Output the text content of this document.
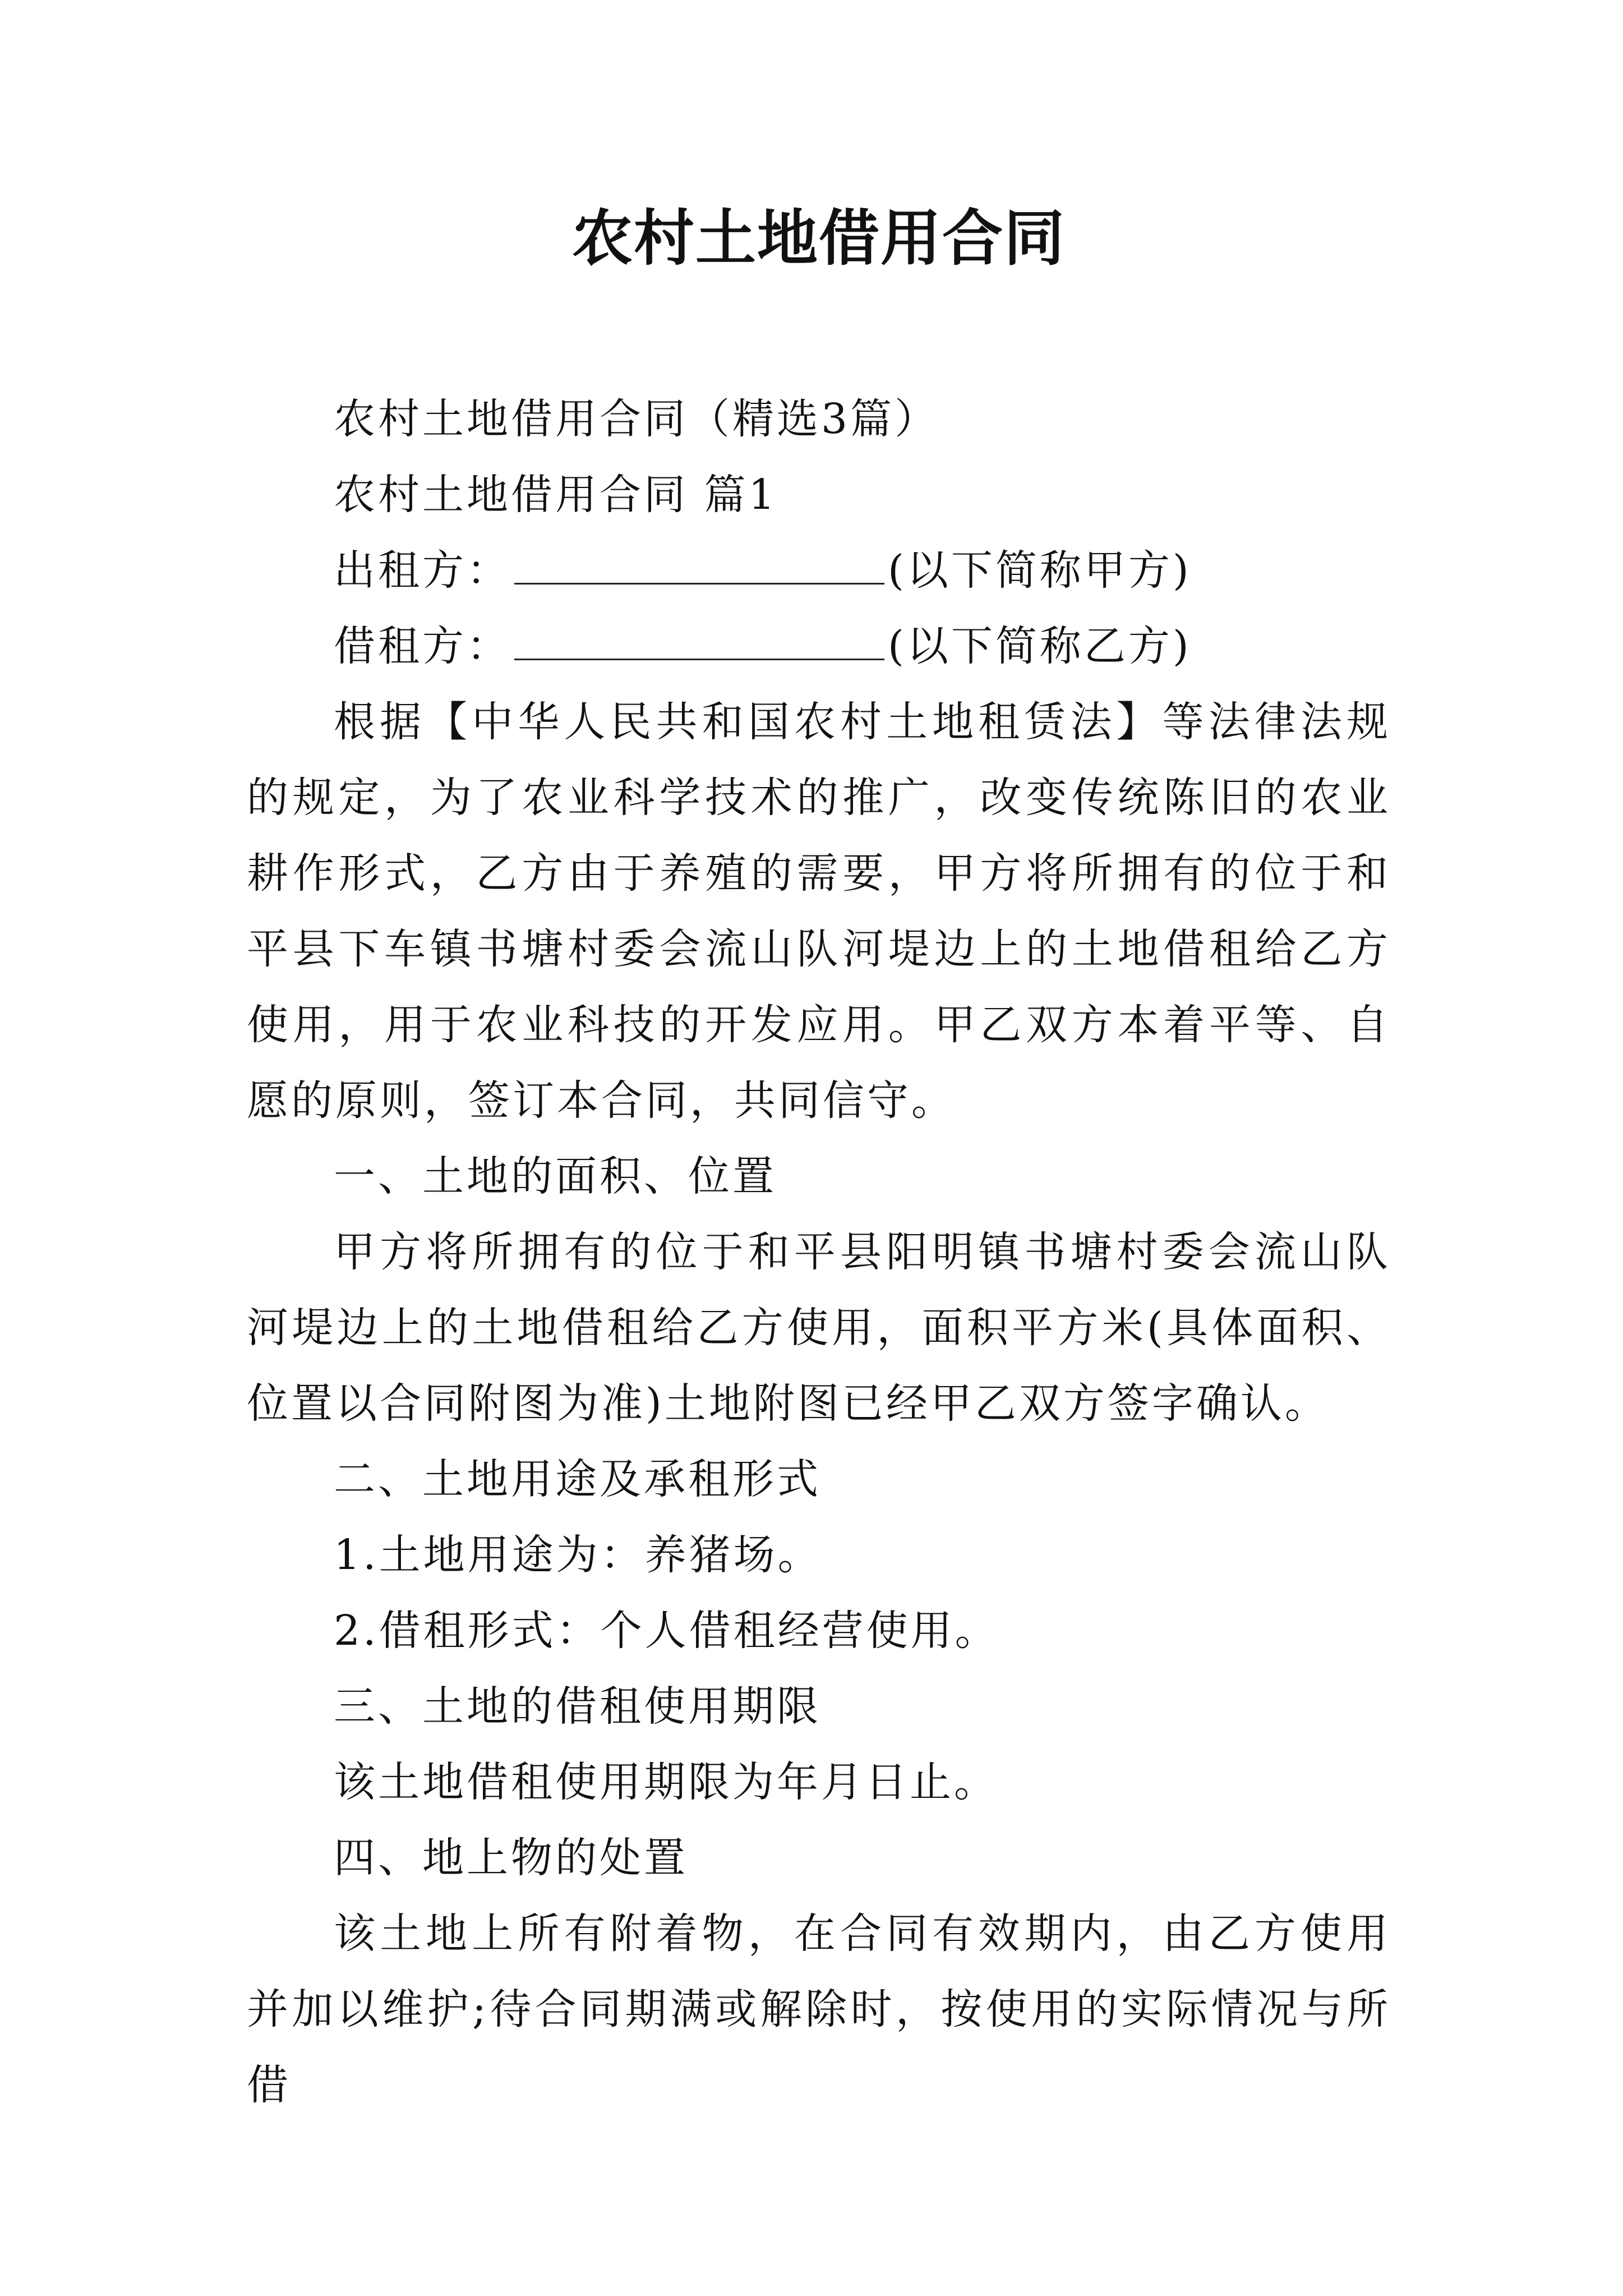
农村土地借用合同

农村土地借用合同（精选3篇）

农村土地借用合同 篇1

出租方：	(以下简称甲方)

借租方：	(以下简称乙方)

根据【中华人民共和国农村土地租赁法】等法律法规的规定，为了农业科学技术的推广，改变传统陈旧的农业耕作形式，乙方由于养殖的需要，甲方将所拥有的位于和平县下车镇书塘村委会流山队河堤边上的土地借租给乙方使用，用于农业科技的开发应用。甲乙双方本着平等、自愿的原则，签订本合同，共同信守。

一、土地的面积、位置

甲方将所拥有的位于和平县阳明镇书塘村委会流山队河堤边上的土地借租给乙方使用，面积平方米(具体面积、位置以合同附图为准)土地附图已经甲乙双方签字确认。

二、土地用途及承租形式

1.土地用途为：养猪场。

2.借租形式：个人借租经营使用。

三、土地的借租使用期限

该土地借租使用期限为年月日止。

四、地上物的处置

该土地上所有附着物，在合同有效期内，由乙方使用并加以维护;待合同期满或解除时，按使用的实际情况与所借
